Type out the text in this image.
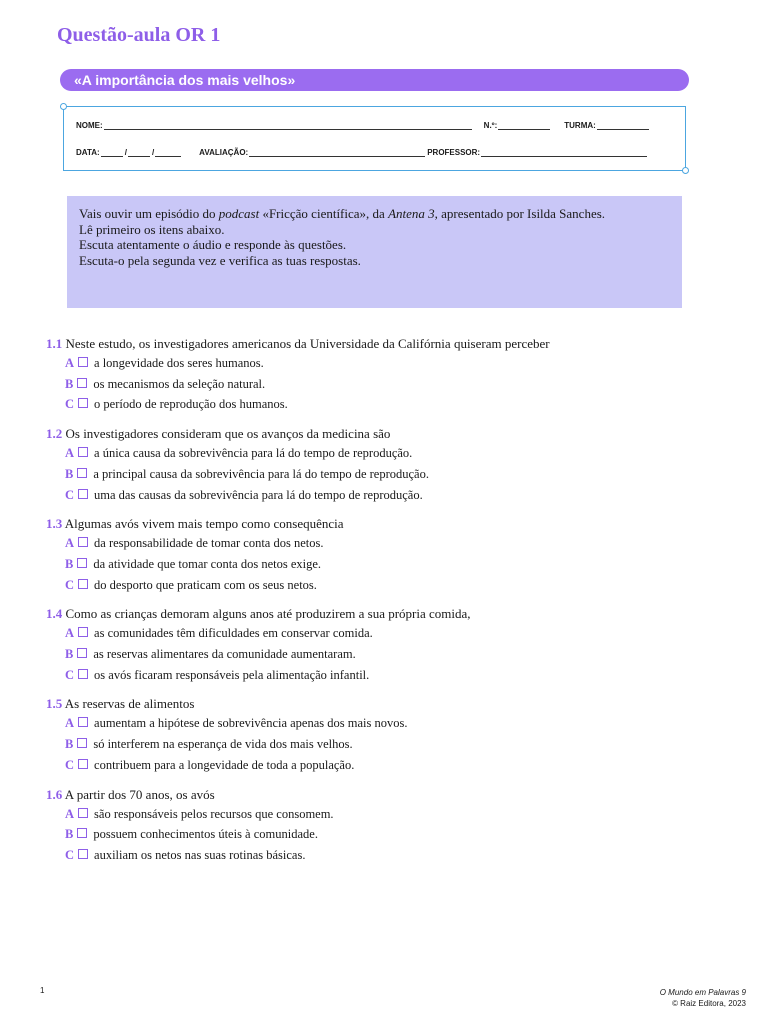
Questão-aula OR 1
«A importância dos mais velhos»
NOME:	N.º:	TURMA:
DATA:	/	/	AVALIAÇÃO:	PROFESSOR:

Vais ouvir um episódio do podcast «Fricção científica», da Antena 3, apresentado por Isilda Sanches.

Lê primeiro os itens abaixo.

Escuta atentamente o áudio e responde às questões.

Escuta-o pela segunda vez e verifica as tuas respostas.

1.1 Neste estudo, os investigadores americanos da Universidade da Califórnia quiseram perceber
A a longevidade dos seres humanos.
B os mecanismos da seleção natural.
C o período de reprodução dos humanos.
1.2 Os investigadores consideram que os avanços da medicina são
A a única causa da sobrevivência para lá do tempo de reprodução.
B a principal causa da sobrevivência para lá do tempo de reprodução.
C uma das causas da sobrevivência para lá do tempo de reprodução.
1.3 Algumas avós vivem mais tempo como consequência
A da responsabilidade de tomar conta dos netos.
B da atividade que tomar conta dos netos exige.
C do desporto que praticam com os seus netos.
1.4 Como as crianças demoram alguns anos até produzirem a sua própria comida,
A as comunidades têm dificuldades em conservar comida.
B as reservas alimentares da comunidade aumentaram.
C os avós ficaram responsáveis pela alimentação infantil.
1.5 As reservas de alimentos
A aumentam a hipótese de sobrevivência apenas dos mais novos.
B só interferem na esperança de vida dos mais velhos.
C contribuem para a longevidade de toda a população.
1.6 A partir dos 70 anos, os avós
A são responsáveis pelos recursos que consomem.
B possuem conhecimentos úteis à comunidade.
C auxiliam os netos nas suas rotinas básicas.
1	O Mundo em Palavras 9
© Raiz Editora, 2023
